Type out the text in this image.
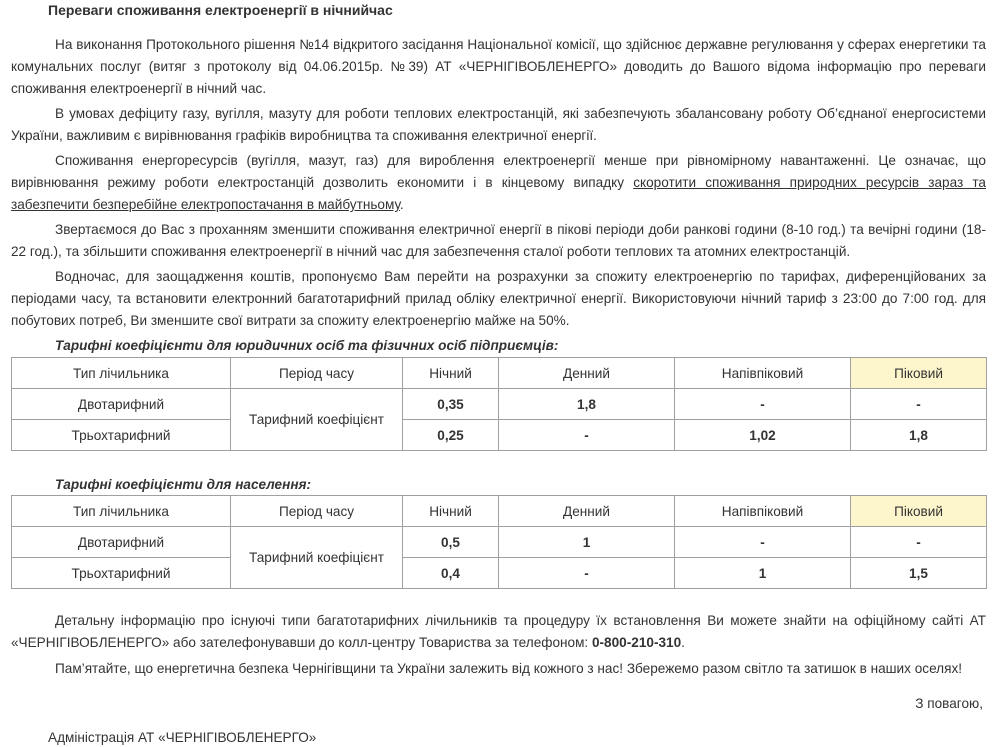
Переваги споживання електроенергії в нічнийчас

На виконання Протокольного рішення №14 відкритого засідання Національної комісії, що здійснює державне регулювання у сферах енергетики та комунальних послуг (витяг з протоколу від 04.06.2015р. №39) АТ «ЧЕРНІГІВОБЛЕНЕРГО» доводить до Вашого відома інформацію про переваги споживання електроенергії в нічний час.

В умовах дефіциту газу, вугілля, мазуту для роботи теплових електростанцій, які забезпечують збалансовану роботу Об’єднаної енергосистеми України, важливим є вирівнювання графіків виробництва та споживання електричної енергії.

Споживання енергоресурсів (вугілля, мазут, газ) для вироблення електроенергії менше при рівномірному навантаженні. Це означає, що вирівнювання режиму роботи електростанцій дозволить економити і в кінцевому випадку скоротити споживання природних ресурсів зараз та забезпечити безперебійне електропостачання в майбутньому.

Звертаємося до Вас з проханням зменшити споживання електричної енергії в пікові періоди доби ранкові години (8-10 год.) та вечірні години (18-22 год.), та збільшити споживання електроенергії в нічний час для забезпечення сталої роботи теплових та атомних електростанцій.

Водночас, для заощадження коштів, пропонуємо Вам перейти на розрахунки за спожиту електроенергію по тарифах, диференційованих за періодами часу, та встановити електронний багатотарифний прилад обліку електричної енергії. Використовуючи нічний тариф з 23:00 до 7:00 год. для побутових потреб, Ви зменшите свої витрати за спожиту електроенергію майже на 50%.

Тарифні коефіцієнти для юридичних осіб та фізичних осіб підприємців:
Тип лічильника	Період часу	Нічний	Денний	Напівпіковий	Піковий
Двотарифний	Тарифний коефіцієнт	0,35	1,8	-	-
Трьохтарифний		0,25	-	1,02	1,8
Тарифні коефіцієнти для населення:
Тип лічильника	Період часу	Нічний	Денний	Напівпіковий	Піковий
Двотарифний	Тарифний коефіцієнт	0,5	1	-	-
Трьохтарифний		0,4	-	1	1,5

Детальну інформацію про існуючі типи багатотарифних лічильників та процедуру їх встановлення Ви можете знайти на офіційному сайті АТ «ЧЕРНІГІВОБЛЕНЕРГО» або зателефонувавши до колл-центру Товариства за телефоном: 0-800-210-310.

Пам’ятайте, що енергетична безпека Чернігівщини та України залежить від кожного з нас! Збережемо разом світло та затишок в наших оселях!

З повагою,
Адміністрація АТ «ЧЕРНІГІВОБЛЕНЕРГО»
